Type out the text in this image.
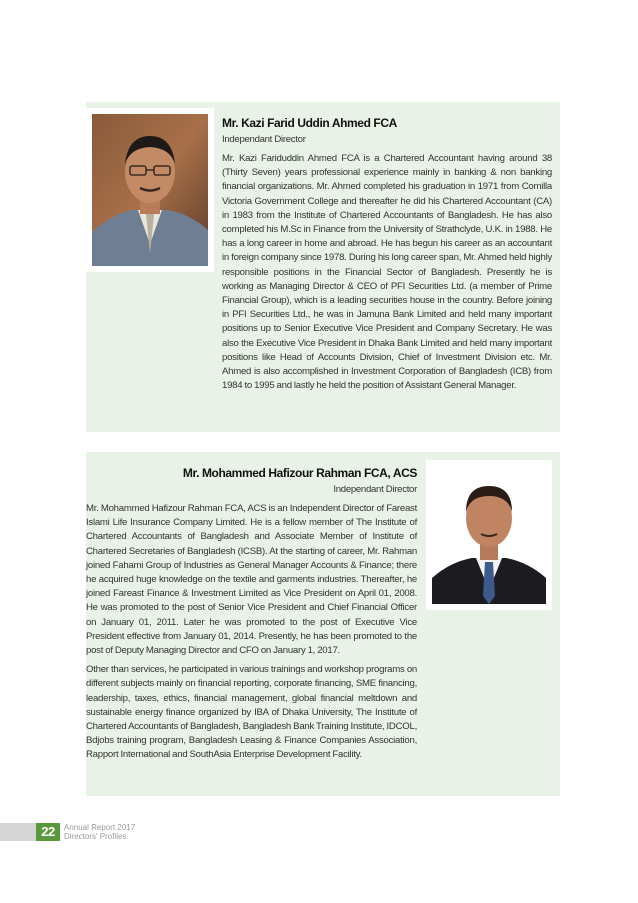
Mr. Kazi Farid Uddin Ahmed FCA

Independant Director

Mr. Kazi Fariduddin Ahmed FCA is a Chartered Accountant having around 38 (Thirty Seven) years professional experience mainly in banking & non banking financial organizations. Mr. Ahmed completed his graduation in 1971 from Comilla Victoria Government College and thereafter he did his Chartered Accountant (CA) in 1983 from the Institute of Chartered Accountants of Bangladesh. He has also completed his M.Sc in Finance from the University of Strathclyde, U.K. in 1988. He has a long career in home and abroad. He has begun his career as an accountant in foreign company since 1978. During his long career span, Mr. Ahmed held highly responsible positions in the Financial Sector of Bangladesh. Presently he is working as Managing Director & CEO of PFI Securities Ltd. (a member of Prime Financial Group), which is a leading securities house in the country. Before joining in PFI Securities Ltd., he was in Jamuna Bank Limited and held many important positions up to Senior Executive Vice President and Company Secretary. He was also the Executive Vice President in Dhaka Bank Limited and held many important positions like Head of Accounts Division, Chief of Investment Division etc. Mr. Ahmed is also accomplished in Investment Corporation of Bangladesh (ICB) from 1984 to 1995 and lastly he held the position of Assistant General Manager.

Mr. Mohammed Hafizour Rahman FCA, ACS

Independant Director

Mr. Mohammed Hafizour Rahman FCA, ACS is an Independent Director of Fareast Islami Life Insurance Company Limited. He is a fellow member of The Institute of Chartered Accountants of Bangladesh and Associate Member of Institute of Chartered Secretaries of Bangladesh (ICSB). At the starting of career, Mr. Rahman joined Fahami Group of Industries as General Manager Accounts & Finance; there he acquired huge knowledge on the textile and garments industries. Thereafter, he joined Fareast Finance & Investment Limited as Vice President on April 01, 2008. He was promoted to the post of Senior Vice President and Chief Financial Officer on January 01, 2011. Later he was promoted to the post of Executive Vice President effective from January 01, 2014. Presently, he has been promoted to the post of Deputy Managing Director and CFO on January 1, 2017.

Other than services, he participated in various trainings and workshop programs on different subjects mainly on financial reporting, corporate financing, SME financing, leadership, taxes, ethics, financial management, global financial meltdown and sustainable energy finance organized by IBA of Dhaka University, The Institute of Chartered Accountants of Bangladesh, Bangladesh Bank Training Institute, IDCOL, Bdjobs training program, Bangladesh Leasing & Finance Companies Association, Rapport International and SouthAsia Enterprise Development Facility.

22	Annual Report 2017
Directors' Profiles
